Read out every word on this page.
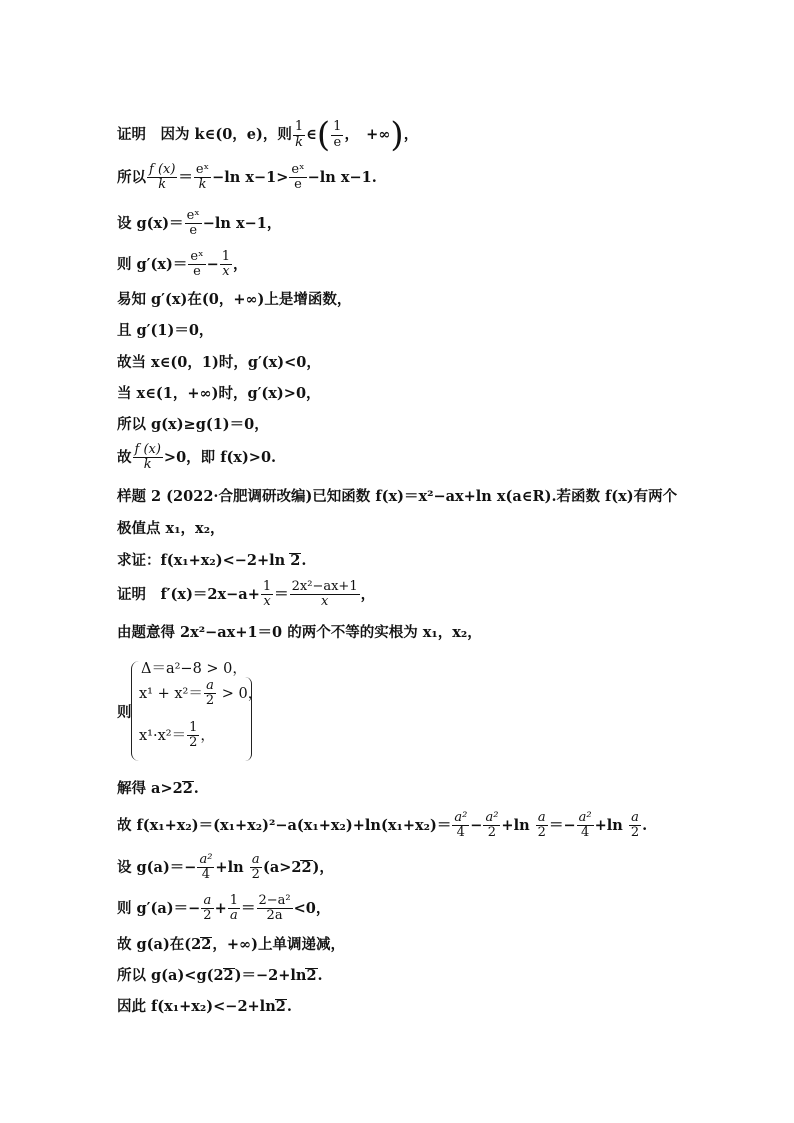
证明　因为 k∈(0，e)，则 $\frac{1}{k}$ ∈( $\frac{1}{e}$ ，　+∞)，
所以 $\frac{f (x)}{k} = \frac{\text{eˣ}}{k} -\ln$ $x-1> \frac{\text{eˣ}}{e} -\ln$ x−1.
设 $g(x)= \frac{\text{eˣ}}{e} -\ln$ x−1，
则 $g'(x)= \frac{\text{eˣ}}{e} - \frac{1}{x}$ ，
易知 g′(x)在(0，+∞)上是增函数，
且 g′(1)＝0，
故当 x∈(0，1)时，g′(x)<0，
当 x∈(1，+∞)时，g′(x)>0，
所以 g(x)≥g(1)＝0，
故 $\frac{f (x)}{k} >0$，即 f(x)>0.
样题 2 (2022·合肥调研改编)已知函数 f(x)＝x²−ax+ln x(a∈R).若函数 f(x)有两个
极值点 x₁，x₂，
求证：f(x₁+x₂)<−2+ln 2.
证明　$f'(x)=2x-a+ \frac{1}{x} = \frac{\text{2x²−ax+1}}{x}$ ，
由题意得 2x²−ax+1＝0 的两个不等的实根为 x₁，x₂，
Δ＝a²−8 > 0，
$x^1 + x^2= \frac{a}{2} > 0$，
$x^1\cdot x^2= \frac{1}{2}$ ，
则
解得 a>22.
故 $f(x_1+x_2)=(x_1+x_2)^2-a(x_1+x_2)+\ln(x_1+x_2)= \frac{\text{a²}}{4} - \frac{\text{a²}}{2} +\ln \frac{a}{2} =- \frac{\text{a²}}{4} +\ln \frac{a}{2}$ .
设 $g(a)=- \frac{\text{a²}}{4} +\ln \frac{a}{2} (a>22)$，
则 $g'(a)=- \frac{a}{2} + \frac{1}{a} = \frac{\text{2−a²}}{2a} <0$，
故 g(a)在(22，+∞)上单调递减，
所以 g(a)<g(22)＝−2+ln2.
因此 f(x₁+x₂)<−2+ln2.
